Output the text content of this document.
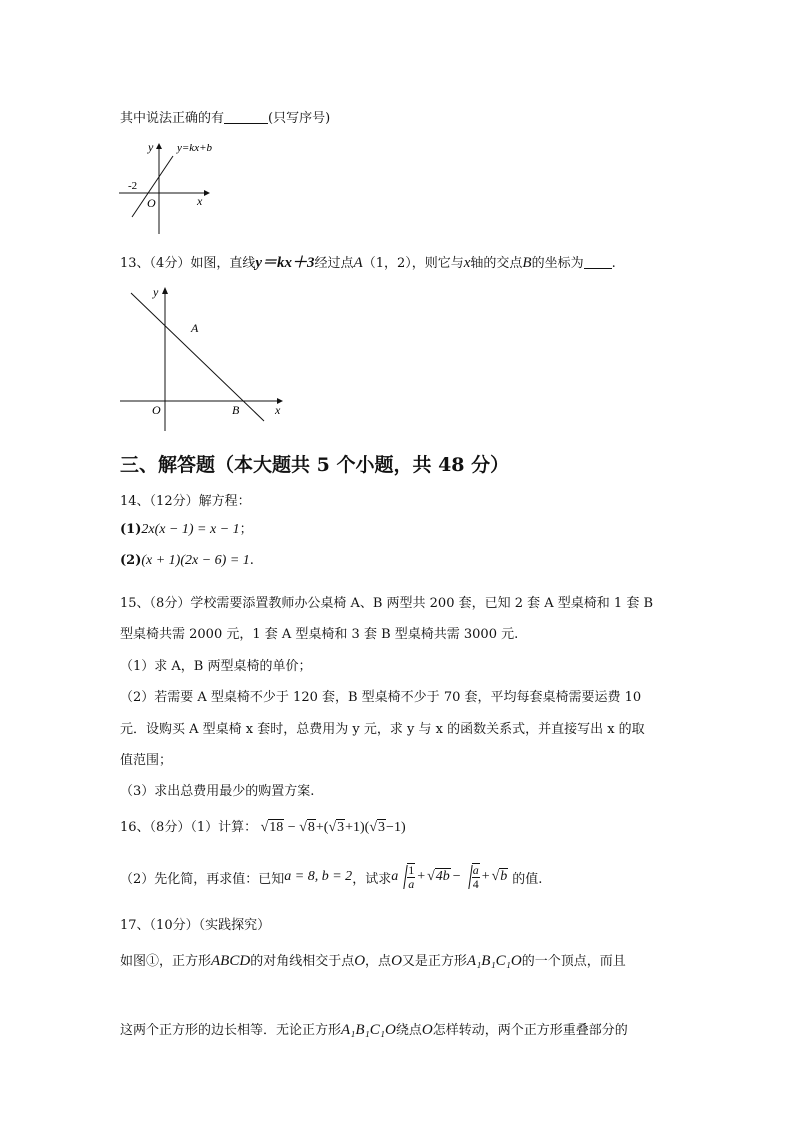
其中说法正确的有	(只写序号)
y y=kx+b
-2
O	x
13、（4分）如图，直线y＝kx＋3经过点A（1，2），则它与x轴的交点B的坐标为 .
y
A
O	B	x
三、解答题（本大题共 5 个小题，共 48 分）
14、（12分）解方程：
(1)2x(x − 1) = x − 1；
(2)(x + 1)(2x − 6) = 1.
15、（8分）学校需要添置教师办公桌椅 A、B 两型共 200 套，已知 2 套 A 型桌椅和 1 套 B
型桌椅共需 2000 元，1 套 A 型桌椅和 3 套 B 型桌椅共需 3000 元.
（1）求 A，B 两型桌椅的单价；
（2）若需要 A 型桌椅不少于 120 套，B 型桌椅不少于 70 套，平均每套桌椅需要运费 10
元．设购买 A 型桌椅 x 套时，总费用为 y 元，求 y 与 x 的函数关系式，并直接写出 x 的取
值范围；
（3）求出总费用最少的购置方案.
16、（8分）（1）计算： √18 − √8+(√3+1)(√3−1)
（2）先化简，再求值：已知 a = 8, b = 2 ，试求 a $\frac{1}{a} + √4b - \frac{a}{4} + √b$ 的值.
17、（10分）（实践探究）
如图①，正方形ABCD的对角线相交于点O，点O又是正方形A₁B₁C₁O的一个顶点，而且
这两个正方形的边长相等．无论正方形A₁B₁C₁O绕点O怎样转动，两个正方形重叠部分的
